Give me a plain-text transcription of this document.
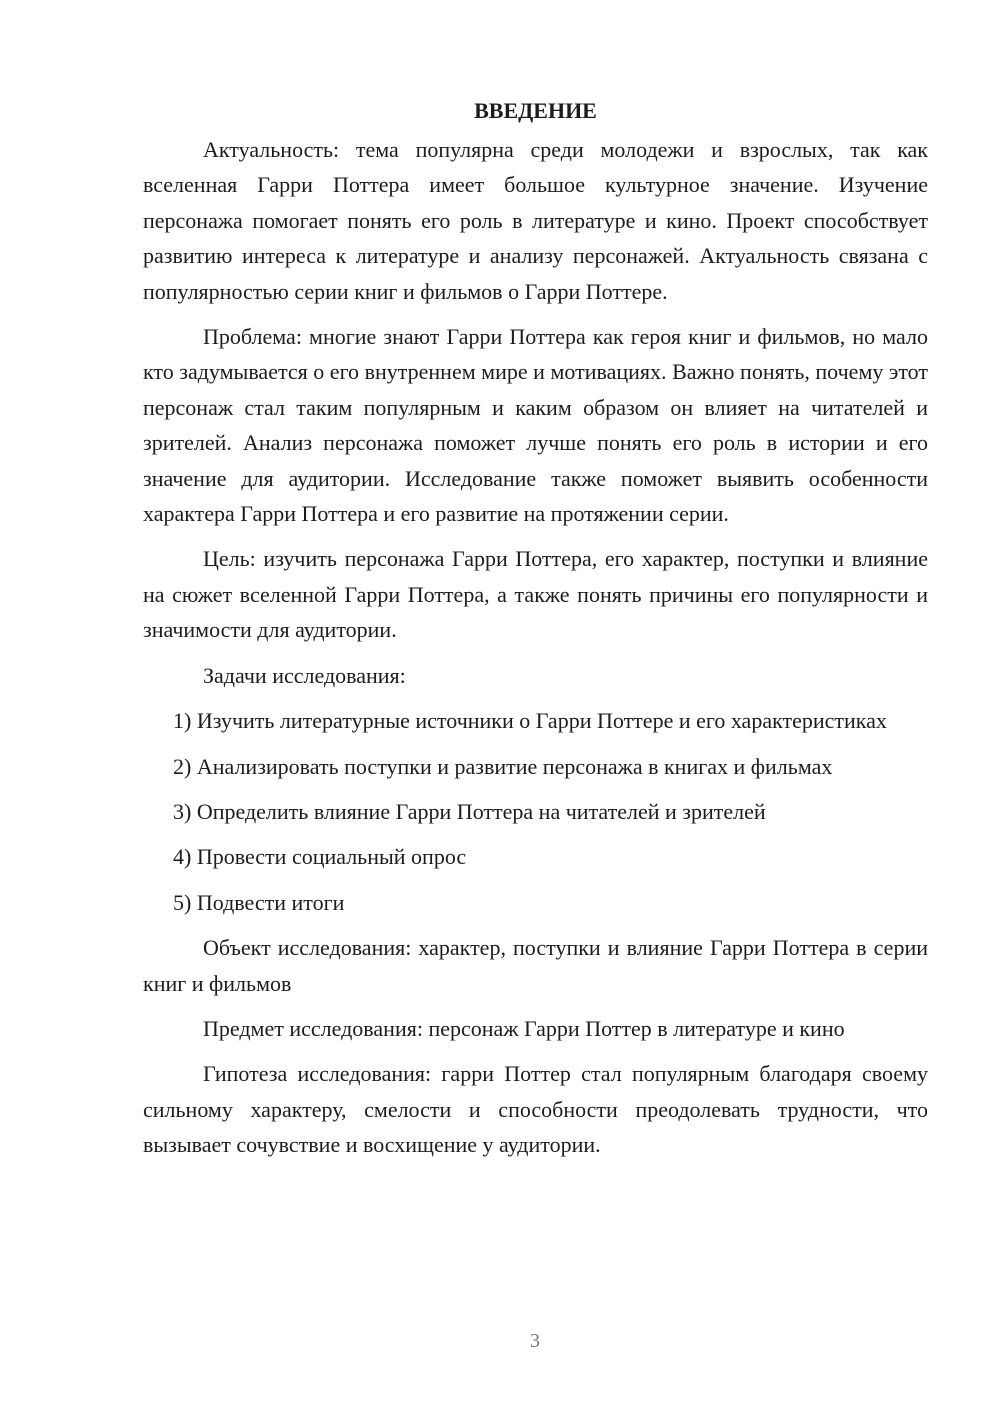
ВВЕДЕНИЕ

Актуальность: тема популярна среди молодежи и взрослых, так как вселенная Гарри Поттера имеет большое культурное значение. Изучение персонажа помогает понять его роль в литературе и кино. Проект способствует развитию интереса к литературе и анализу персонажей. Актуальность связана с популярностью серии книг и фильмов о Гарри Поттере.

Проблема: многие знают Гарри Поттера как героя книг и фильмов, но мало кто задумывается о его внутреннем мире и мотивациях. Важно понять, почему этот персонаж стал таким популярным и каким образом он влияет на читателей и зрителей. Анализ персонажа поможет лучше понять его роль в истории и его значение для аудитории. Исследование также поможет выявить особенности характера Гарри Поттера и его развитие на протяжении серии.

Цель: изучить персонажа Гарри Поттера, его характер, поступки и влияние на сюжет вселенной Гарри Поттера, а также понять причины его популярности и значимости для аудитории.

Задачи исследования:

1) Изучить литературные источники о Гарри Поттере и его характеристиках

2) Анализировать поступки и развитие персонажа в книгах и фильмах

3) Определить влияние Гарри Поттера на читателей и зрителей

4) Провести социальный опрос

5) Подвести итоги

Объект исследования: характер, поступки и влияние Гарри Поттера в серии книг и фильмов

Предмет исследования: персонаж Гарри Поттер в литературе и кино

Гипотеза исследования: гарри Поттер стал популярным благодаря своему сильному характеру, смелости и способности преодолевать трудности, что вызывает сочувствие и восхищение у аудитории.

3
